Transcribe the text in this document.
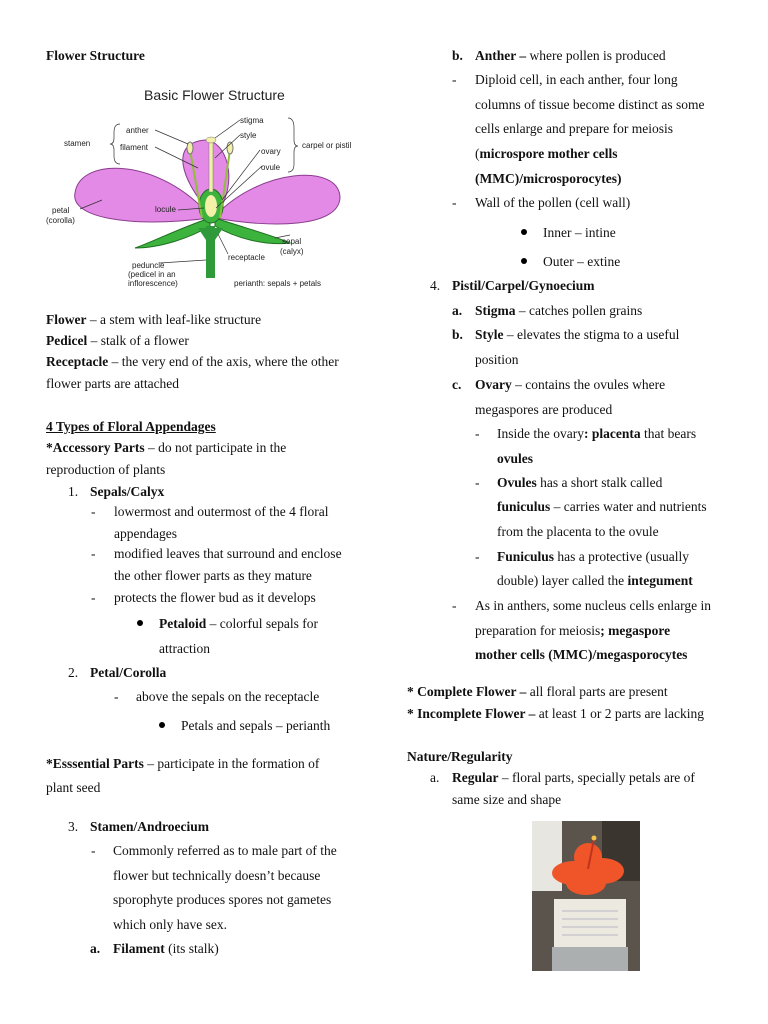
Flower Structure
Basic Flower Structure
stamen
anther
filament
stigma
style
ovary
ovule
carpel or pistil
petal
(corolla)
locule
sepal
(calyx)
receptacle
peduncle
(pedicel in an
inflorescence)	perianth: sepals + petals
Flower – a stem with leaf-like structure
Pedicel – stalk of a flower
Receptacle – the very end of the axis, where the other
flower parts are attached
4 Types of Floral Appendages
*Accessory Parts – do not participate in the
reproduction of plants
1. Sepals/Calyx
- lowermost and outermost of the 4 floral
appendages
- modified leaves that surround and enclose
the other flower parts as they mature
- protects the flower bud as it develops
Petaloid – colorful sepals for
attraction
2. Petal/Corolla
- above the sepals on the receptacle
Petals and sepals – perianth
*Esssential Parts – participate in the formation of
plant seed
3. Stamen/Androecium
- Commonly referred as to male part of the
flower but technically doesn’t because
sporophyte produces spores not gametes
which only have sex.
a. Filament (its stalk)
b. Anther – where pollen is produced
- Diploid cell, in each anther, four long
columns of tissue become distinct as some
cells enlarge and prepare for meiosis
(microspore mother cells
(MMC)/microsporocytes)
- Wall of the pollen (cell wall)
Inner – intine
Outer – extine
4. Pistil/Carpel/Gynoecium
a. Stigma – catches pollen grains
b. Style – elevates the stigma to a useful
position
c. Ovary – contains the ovules where
megaspores are produced
- Inside the ovary: placenta that bears
ovules
- Ovules has a short stalk called
funiculus – carries water and nutrients
from the placenta to the ovule
- Funiculus has a protective (usually
double) layer called the integument
- As in anthers, some nucleus cells enlarge in
preparation for meiosis; megaspore
mother cells (MMC)/megasporocytes
* Complete Flower – all floral parts are present
* Incomplete Flower – at least 1 or 2 parts are lacking
Nature/Regularity
a. Regular – floral parts, specially petals are of
same size and shape
